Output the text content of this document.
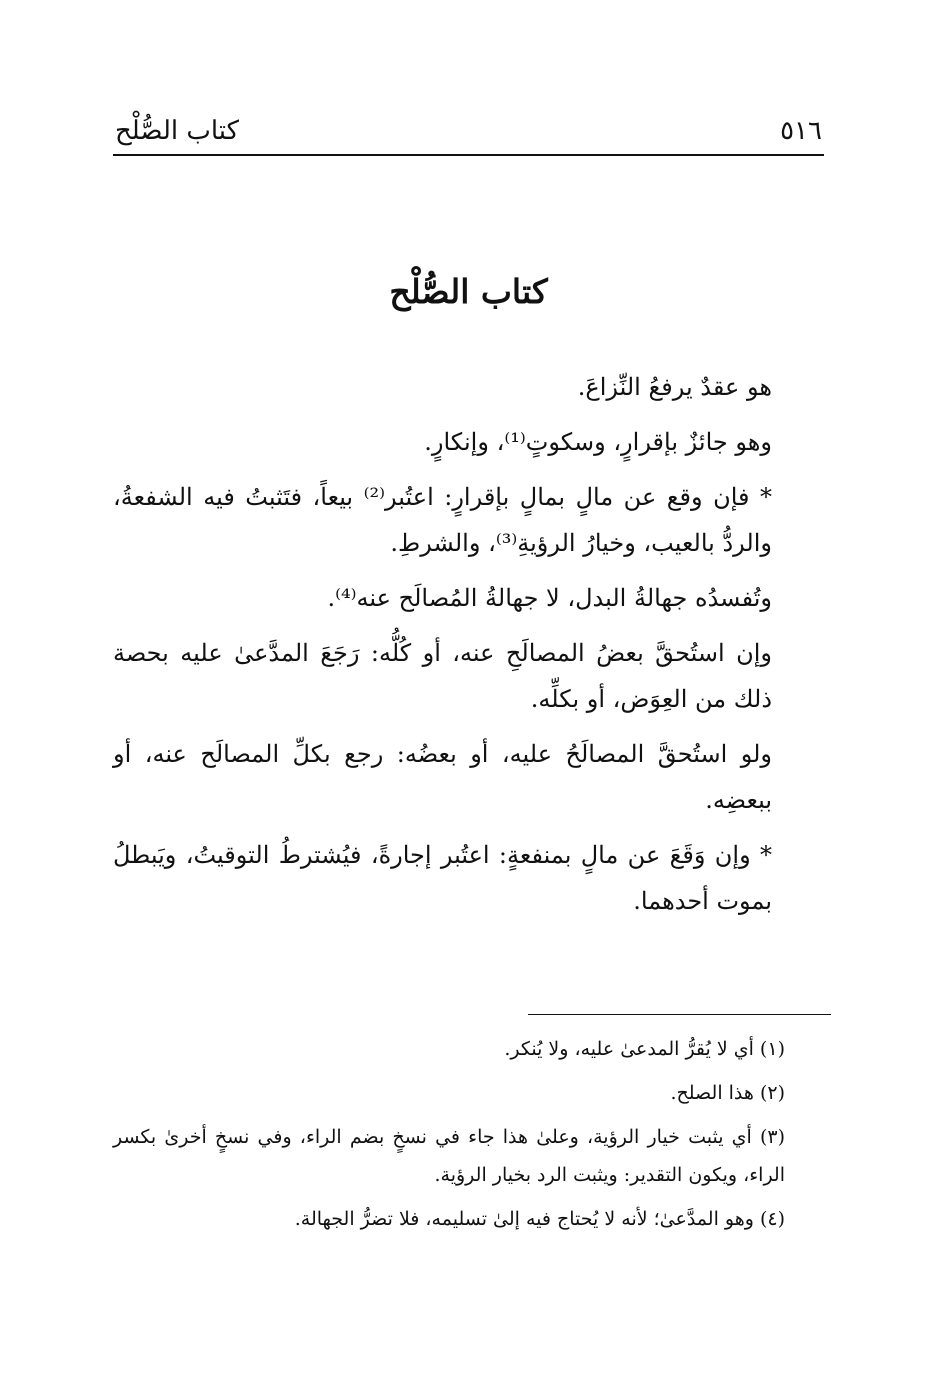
٥١٦
كتاب الصُّلْح
كتاب الصُّلْح

هو عقدٌ يرفعُ النِّزاعَ.

وهو جائزٌ بإقرارٍ، وسكوتٍ⁽¹⁾، وإنكارٍ.

* فإن وقع عن مالٍ بمالٍ بإقرارٍ: اعتُبر⁽²⁾ بيعاً، فتَثبتُ فيه الشفعةُ، والردُّ بالعيب، وخيارُ الرؤيةِ⁽³⁾، والشرطِ.

وتُفسدُه جهالةُ البدل، لا جهالةُ المُصالَح عنه⁽⁴⁾.

وإن استُحقَّ بعضُ المصالَحِ عنه، أو كُلُّه: رَجَعَ المدَّعىٰ عليه بحصة ذلك من العِوَض، أو بكلِّه.

ولو استُحقَّ المصالَحُ عليه، أو بعضُه: رجع بكلِّ المصالَح عنه، أو ببعضِه.

* وإن وَقَعَ عن مالٍ بمنفعةٍ: اعتُبر إجارةً، فيُشترطُ التوقيتُ، ويَبطلُ بموت أحدهما.

(١) أي لا يُقرُّ المدعىٰ عليه، ولا يُنكر.

(٢) هذا الصلح.

(٣) أي يثبت خيار الرؤية، وعلىٰ هذا جاء في نسخٍ بضم الراء، وفي نسخٍ أخرىٰ بكسر الراء، ويكون التقدير: ويثبت الرد بخيار الرؤية.

(٤) وهو المدَّعىٰ؛ لأنه لا يُحتاج فيه إلىٰ تسليمه، فلا تضرُّ الجهالة.
